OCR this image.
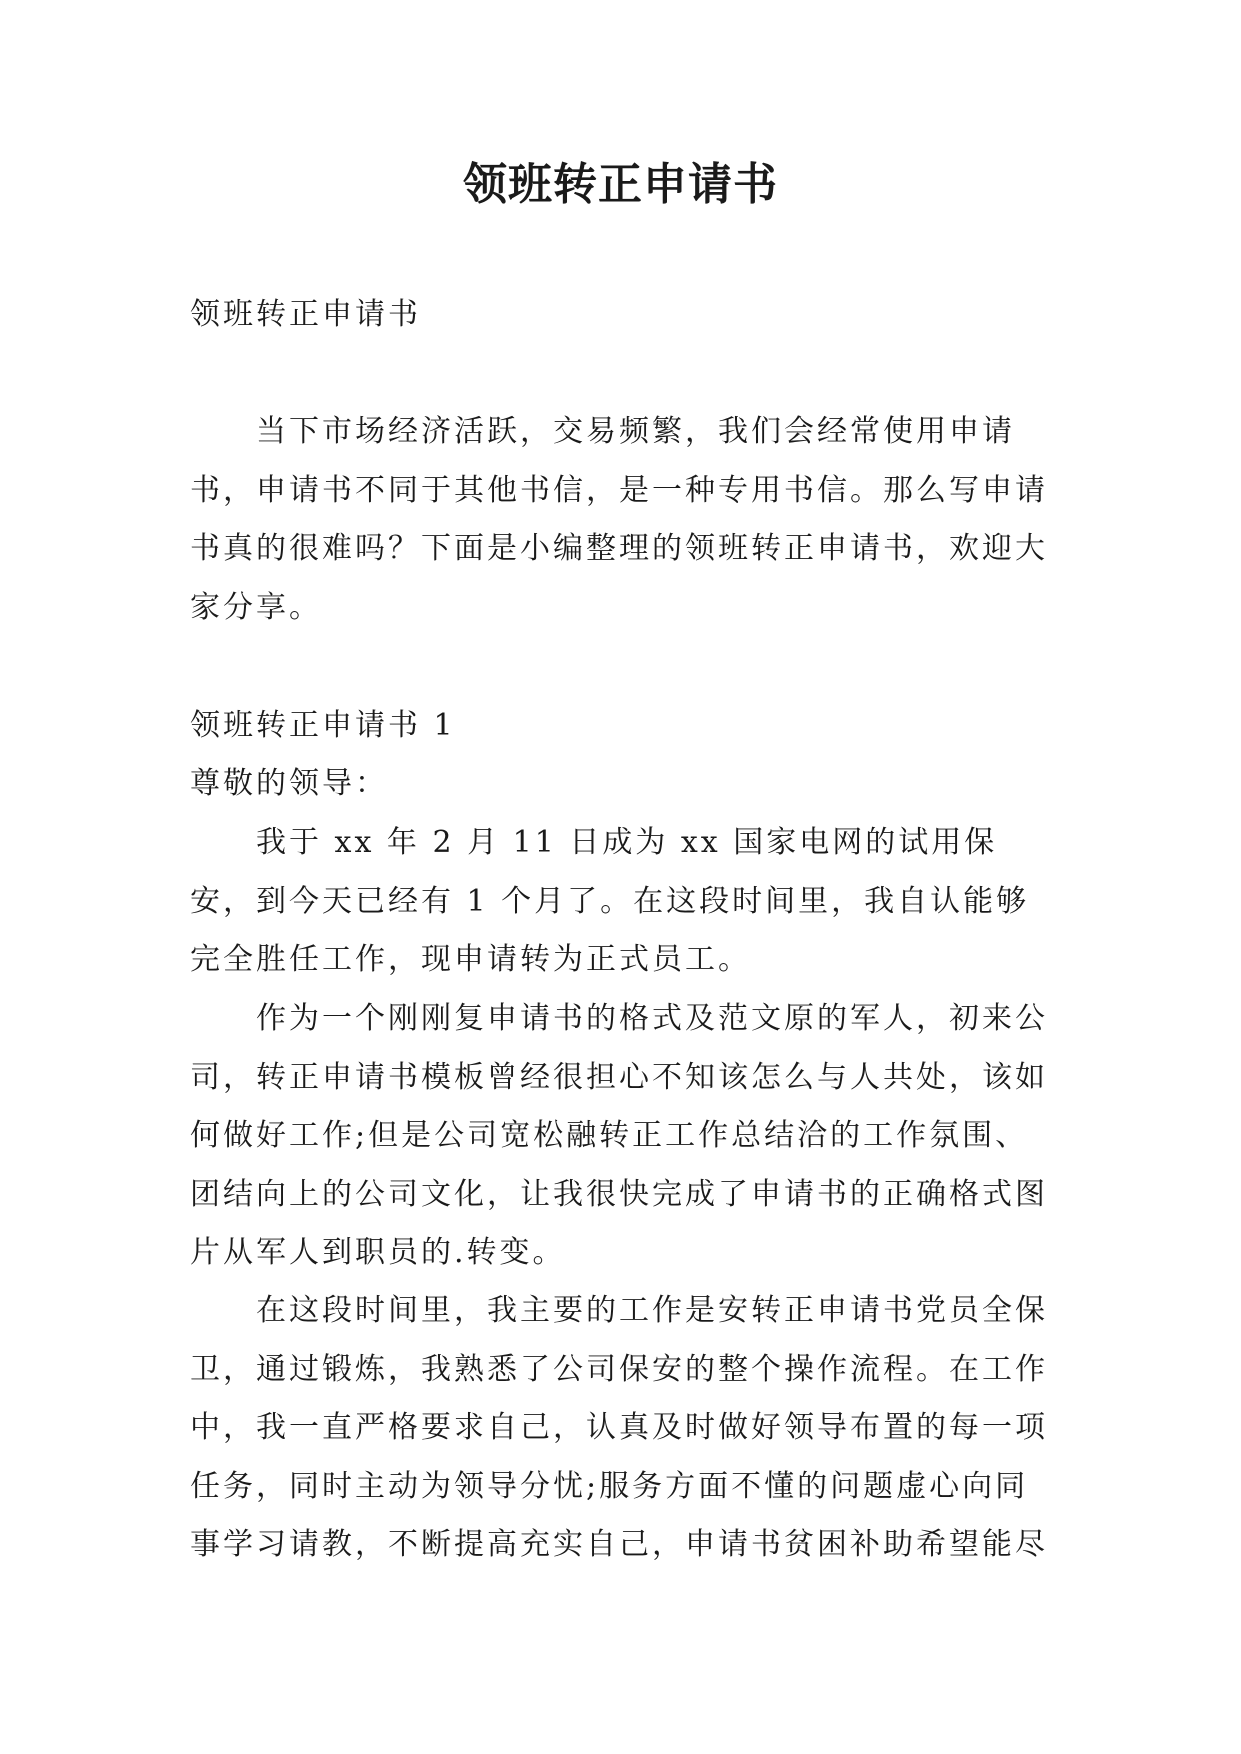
领班转正申请书

领班转正申请书

当下市场经济活跃，交易频繁，我们会经常使用申请书，申请书不同于其他书信，是一种专用书信。那么写申请书真的很难吗？下面是小编整理的领班转正申请书，欢迎大家分享。

领班转正申请书 1

尊敬的领导：

我于 xx 年 2 月 11 日成为 xx 国家电网的试用保安，到今天已经有 1 个月了。在这段时间里，我自认能够完全胜任工作，现申请转为正式员工。

作为一个刚刚复申请书的格式及范文原的军人，初来公司，转正申请书模板曾经很担心不知该怎么与人共处，该如何做好工作;但是公司宽松融转正工作总结洽的工作氛围、团结向上的公司文化，让我很快完成了申请书的正确格式图片从军人到职员的.转变。

在这段时间里，我主要的工作是安转正申请书党员全保卫，通过锻炼，我熟悉了公司保安的整个操作流程。在工作中，我一直严格要求自己，认真及时做好领导布置的每一项任务，同时主动为领导分忧;服务方面不懂的问题虚心向同事学习请教，不断提高充实自己，申请书贫困补助希望能尽
